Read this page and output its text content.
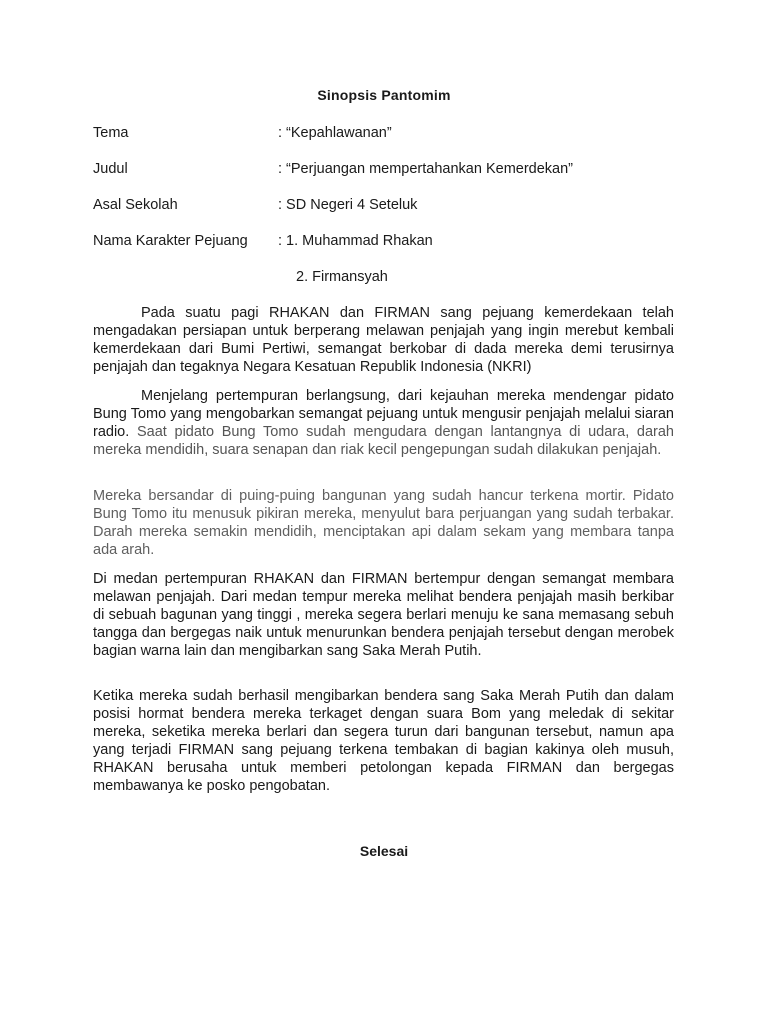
Sinopsis Pantomim
Tema	: “Kepahlawanan”
Judul	: “Perjuangan mempertahankan Kemerdekan”
Asal Sekolah	: SD Negeri 4 Seteluk
Nama Karakter Pejuang : 1. Muhammad Rhakan
2. Firmansyah

Pada suatu pagi RHAKAN dan FIRMAN sang pejuang kemerdekaan telah mengadakan persiapan untuk berperang melawan penjajah yang ingin merebut kembali kemerdekaan dari Bumi Pertiwi, semangat berkobar di dada mereka demi terusirnya penjajah dan tegaknya Negara Kesatuan Republik Indonesia (NKRI)

Menjelang pertempuran berlangsung, dari kejauhan mereka mendengar pidato Bung Tomo yang mengobarkan semangat pejuang untuk mengusir penjajah melalui siaran radio. Saat pidato Bung Tomo sudah mengudara dengan lantangnya di udara, darah mereka mendidih, suara senapan dan riak kecil pengepungan sudah dilakukan penjajah.

Mereka bersandar di puing-puing bangunan yang sudah hancur terkena mortir. Pidato Bung Tomo itu menusuk pikiran mereka, menyulut bara perjuangan yang sudah terbakar. Darah mereka semakin mendidih, menciptakan api dalam sekam yang membara tanpa ada arah.

Di medan pertempuran RHAKAN dan FIRMAN bertempur dengan semangat membara melawan penjajah. Dari medan tempur mereka melihat bendera penjajah masih berkibar di sebuah bagunan yang tinggi , mereka segera berlari menuju ke sana memasang sebuh tangga dan bergegas naik untuk menurunkan bendera penjajah tersebut dengan merobek bagian warna lain dan mengibarkan sang Saka Merah Putih.

Ketika mereka sudah berhasil mengibarkan bendera sang Saka Merah Putih dan dalam posisi hormat bendera mereka terkaget dengan suara Bom yang meledak di sekitar mereka, seketika mereka berlari dan segera turun dari bangunan tersebut, namun apa yang terjadi FIRMAN sang pejuang terkena tembakan di bagian kakinya oleh musuh, RHAKAN berusaha untuk memberi petolongan kepada FIRMAN dan bergegas membawanya ke posko pengobatan.

Selesai
